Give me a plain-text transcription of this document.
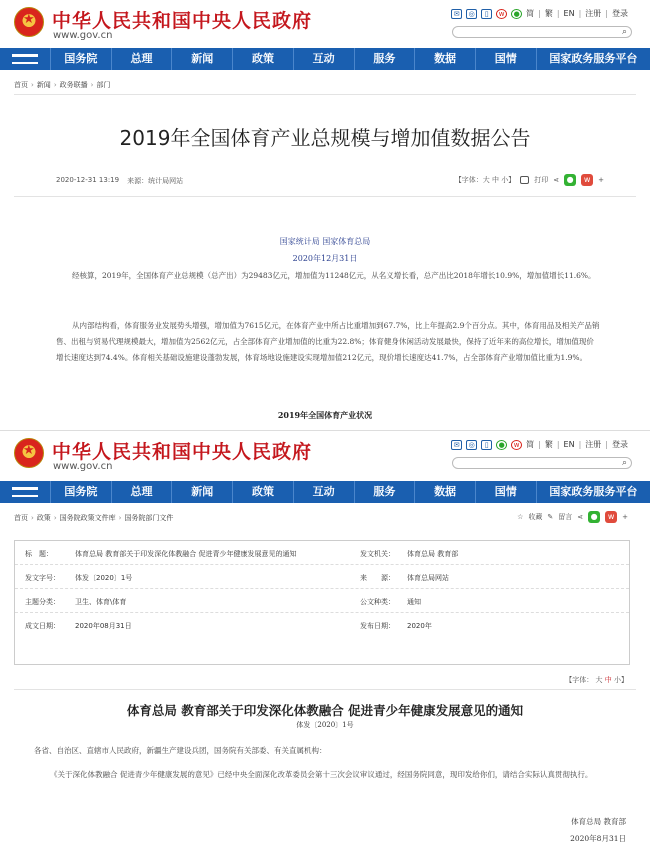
★
中华人民共和国中央人民政府
www.gov.cn
✉	◎	▯	w	● 简 | 繁 | EN | 注册 | 登录
⌕
国务院	总理	新闻	政策	互动	服务	数据	国情	国家政务服务平台
首页 › 新闻 › 政务联播 › 部门
2019年全国体育产业总规模与增加值数据公告
2020-12-31 13:19 来源：统计局网站	【字体：大 中 小】	打印 ⋖ ●	w	+
国家统计局 国家体育总局
2020年12月31日
经核算，2019年，全国体育产业总规模（总产出）为29483亿元，增加值为11248亿元，从名义增长看，总产出比2018年增长10.9%，增加值增长11.6%。
从内部结构看，体育服务业发展势头增强，增加值为7615亿元，在体育产业中所占比重增加到67.7%，比上年提高2.9个百分点。其中，体育用品及相关产品销售、出租与贸易代理规模最大，增加值为2562亿元，占全部体育产业增加值的比重为22.8%；体育健身休闲活动发展最快，保持了近年来的高位增长，增加值现价增长速度达到74.4%。体育相关基础设施建设蓬勃发展，体育场地设施建设实现增加值212亿元，现价增长速度达41.7%，占全部体育产业增加值比重为1.9%。
2019年全国体育产业状况
★
中华人民共和国中央人民政府
www.gov.cn
✉	◎	▯	●	w 简 | 繁 | EN | 注册 | 登录
⌕
国务院	总理	新闻	政策	互动	服务	数据	国情	国家政务服务平台
首页 › 政策 › 国务院政策文件库 › 国务院部门文件	☆ 收藏 ✎ 留言 ⋖ ●	w	+
标　题：	体育总局 教育部关于印发深化体教融合 促进青少年健康发展意见的通知	发文机关： 体育总局 教育部
发文字号： 体发〔2020〕1号	来　　源： 体育总局网站
主题分类： 卫生、体育\体育	公文种类： 通知
成文日期： 2020年08月31日	发布日期： 2020年
【字体： 大 中 小】
体育总局 教育部关于印发深化体教融合 促进青少年健康发展意见的通知
体发〔2020〕1号
各省、自治区、直辖市人民政府，新疆生产建设兵团，国务院有关部委、有关直属机构：
《关于深化体教融合 促进青少年健康发展的意见》已经中央全面深化改革委员会第十三次会议审议通过，经国务院同意，现印发给你们，请结合实际认真贯彻执行。
体育总局 教育部
2020年8月31日
